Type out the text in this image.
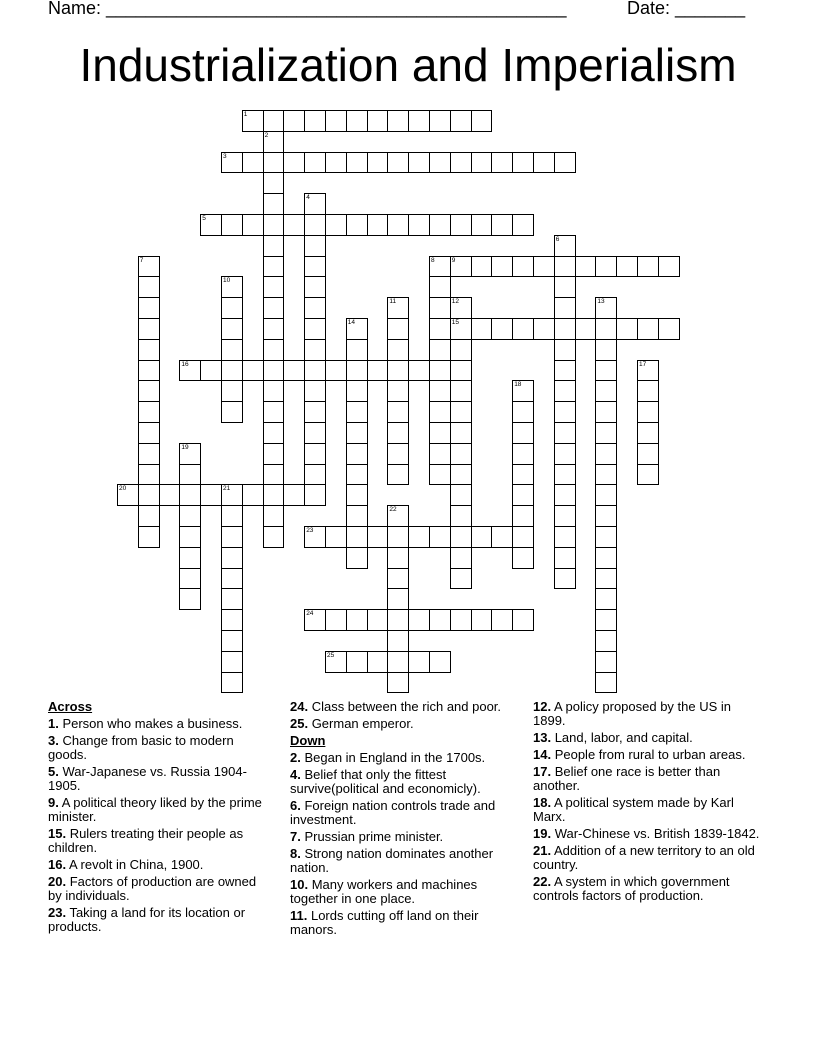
Name: ______________________________________________	Date: _______
Industrialization and Imperialism
1
3
5
9
15
16
20	21
23
24
25
2
4
6
7	8
10
11	12	13
14
17
18
19
22
Across
1. Person who makes a business.
3. Change from basic to modern goods.
5. War-Japanese vs. Russia 1904-1905.
9. A political theory liked by the prime minister.
15. Rulers treating their people as children.
16. A revolt in China, 1900.
20. Factors of production are owned by individuals.
23. Taking a land for its location or products.
24. Class between the rich and poor.
25. German emperor.
Down
2. Began in England in the 1700s.
4. Belief that only the fittest survive(political and economicly).
6. Foreign nation controls trade and investment.
7. Prussian prime minister.
8. Strong nation dominates another nation.
10. Many workers and machines together in one place.
11. Lords cutting off land on their manors.
12. A policy proposed by the US in 1899.
13. Land, labor, and capital.
14. People from rural to urban areas.
17. Belief one race is better than another.
18. A political system made by Karl Marx.
19. War-Chinese vs. British 1839-1842.
21. Addition of a new territory to an old country.
22. A system in which government controls factors of production.
